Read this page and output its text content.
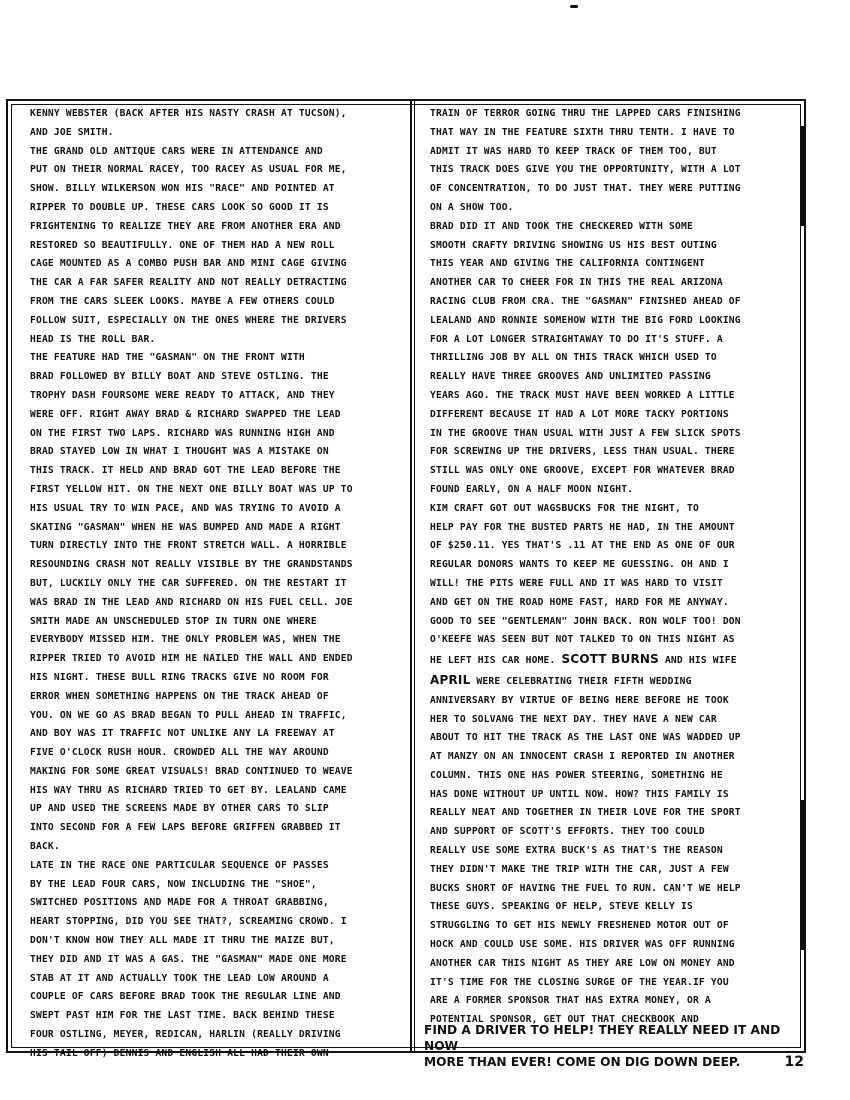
KENNY WEBSTER (BACK AFTER HIS NASTY CRASH AT TUCSON),

AND JOE SMITH.

THE GRAND OLD ANTIQUE CARS WERE IN ATTENDANCE AND

PUT ON THEIR NORMAL RACEY, TOO RACEY AS USUAL FOR ME,

SHOW. BILLY WILKERSON WON HIS "RACE" AND POINTED AT

RIPPER TO DOUBLE UP. THESE CARS LOOK SO GOOD IT IS

FRIGHTENING TO REALIZE THEY ARE FROM ANOTHER ERA AND

RESTORED SO BEAUTIFULLY. ONE OF THEM HAD A NEW ROLL

CAGE MOUNTED AS A COMBO PUSH BAR AND MINI CAGE GIVING

THE CAR A FAR SAFER REALITY AND NOT REALLY DETRACTING

FROM THE CARS SLEEK LOOKS. MAYBE A FEW OTHERS COULD

FOLLOW SUIT, ESPECIALLY ON THE ONES WHERE THE DRIVERS

HEAD IS THE ROLL BAR.

THE FEATURE HAD THE "GASMAN" ON THE FRONT WITH

BRAD FOLLOWED BY BILLY BOAT AND STEVE OSTLING. THE

TROPHY DASH FOURSOME WERE READY TO ATTACK, AND THEY

WERE OFF. RIGHT AWAY BRAD & RICHARD SWAPPED THE LEAD

ON THE FIRST TWO LAPS. RICHARD WAS RUNNING HIGH AND

BRAD STAYED LOW IN WHAT I THOUGHT WAS A MISTAKE ON

THIS TRACK. IT HELD AND BRAD GOT THE LEAD BEFORE THE

FIRST YELLOW HIT. ON THE NEXT ONE BILLY BOAT WAS UP TO

HIS USUAL TRY TO WIN PACE, AND WAS TRYING TO AVOID A

SKATING "GASMAN" WHEN HE WAS BUMPED AND MADE A RIGHT

TURN DIRECTLY INTO THE FRONT STRETCH WALL. A HORRIBLE

RESOUNDING CRASH NOT REALLY VISIBLE BY THE GRANDSTANDS

BUT, LUCKILY ONLY THE CAR SUFFERED. ON THE RESTART IT

WAS BRAD IN THE LEAD AND RICHARD ON HIS FUEL CELL. JOE

SMITH MADE AN UNSCHEDULED STOP IN TURN ONE WHERE

EVERYBODY MISSED HIM. THE ONLY PROBLEM WAS, WHEN THE

RIPPER TRIED TO AVOID HIM HE NAILED THE WALL AND ENDED

HIS NIGHT. THESE BULL RING TRACKS GIVE NO ROOM FOR

ERROR WHEN SOMETHING HAPPENS ON THE TRACK AHEAD OF

YOU. ON WE GO AS BRAD BEGAN TO PULL AHEAD IN TRAFFIC,

AND BOY WAS IT TRAFFIC NOT UNLIKE ANY LA FREEWAY AT

FIVE O'CLOCK RUSH HOUR. CROWDED ALL THE WAY AROUND

MAKING FOR SOME GREAT VISUALS! BRAD CONTINUED TO WEAVE

HIS WAY THRU AS RICHARD TRIED TO GET BY. LEALAND CAME

UP AND USED THE SCREENS MADE BY OTHER CARS TO SLIP

INTO SECOND FOR A FEW LAPS BEFORE GRIFFEN GRABBED IT

BACK.

LATE IN THE RACE ONE PARTICULAR SEQUENCE OF PASSES

BY THE LEAD FOUR CARS, NOW INCLUDING THE "SHOE",

SWITCHED POSITIONS AND MADE FOR A THROAT GRABBING,

HEART STOPPING, DID YOU SEE THAT?, SCREAMING CROWD. I

DON'T KNOW HOW THEY ALL MADE IT THRU THE MAIZE BUT,

THEY DID AND IT WAS A GAS. THE "GASMAN" MADE ONE MORE

STAB AT IT AND ACTUALLY TOOK THE LEAD LOW AROUND A

COUPLE OF CARS BEFORE BRAD TOOK THE REGULAR LINE AND

SWEPT PAST HIM FOR THE LAST TIME. BACK BEHIND THESE

FOUR OSTLING, MEYER, REDICAN, HARLIN (REALLY DRIVING

HIS TAIL OFF) DENNIS AND ENGLISH ALL HAD THEIR OWN

TRAIN OF TERROR GOING THRU THE LAPPED CARS FINISHING

THAT WAY IN THE FEATURE SIXTH THRU TENTH. I HAVE TO

ADMIT IT WAS HARD TO KEEP TRACK OF THEM TOO, BUT

THIS TRACK DOES GIVE YOU THE OPPORTUNITY, WITH A LOT

OF CONCENTRATION, TO DO JUST THAT. THEY WERE PUTTING

ON A SHOW TOO.

BRAD DID IT AND TOOK THE CHECKERED WITH SOME

SMOOTH CRAFTY DRIVING SHOWING US HIS BEST OUTING

THIS YEAR AND GIVING THE CALIFORNIA CONTINGENT

ANOTHER CAR TO CHEER FOR IN THIS THE REAL ARIZONA

RACING CLUB FROM CRA. THE "GASMAN" FINISHED AHEAD OF

LEALAND AND RONNIE SOMEHOW WITH THE BIG FORD LOOKING

FOR A LOT LONGER STRAIGHTAWAY TO DO IT'S STUFF. A

THRILLING JOB BY ALL ON THIS TRACK WHICH USED TO

REALLY HAVE THREE GROOVES AND UNLIMITED PASSING

YEARS AGO. THE TRACK MUST HAVE BEEN WORKED A LITTLE

DIFFERENT BECAUSE IT HAD A LOT MORE TACKY PORTIONS

IN THE GROOVE THAN USUAL WITH JUST A FEW SLICK SPOTS

FOR SCREWING UP THE DRIVERS, LESS THAN USUAL. THERE

STILL WAS ONLY ONE GROOVE, EXCEPT FOR WHATEVER BRAD

FOUND EARLY, ON A HALF MOON NIGHT.

KIM CRAFT GOT OUT WAGSBUCKS FOR THE NIGHT, TO

HELP PAY FOR THE BUSTED PARTS HE HAD, IN THE AMOUNT

OF $250.11. YES THAT'S .11 AT THE END AS ONE OF OUR

REGULAR DONORS WANTS TO KEEP ME GUESSING. OH AND I

WILL! THE PITS WERE FULL AND IT WAS HARD TO VISIT

AND GET ON THE ROAD HOME FAST, HARD FOR ME ANYWAY.

GOOD TO SEE "GENTLEMAN" JOHN BACK. RON WOLF TOO! DON

O'KEEFE WAS SEEN BUT NOT TALKED TO ON THIS NIGHT AS

HE LEFT HIS CAR HOME. SCOTT BURNS AND HIS WIFE

APRIL WERE CELEBRATING THEIR FIFTH WEDDING

ANNIVERSARY BY VIRTUE OF BEING HERE BEFORE HE TOOK

HER TO SOLVANG THE NEXT DAY. THEY HAVE A NEW CAR

ABOUT TO HIT THE TRACK AS THE LAST ONE WAS WADDED UP

AT MANZY ON AN INNOCENT CRASH I REPORTED IN ANOTHER

COLUMN. THIS ONE HAS POWER STEERING, SOMETHING HE

HAS DONE WITHOUT UP UNTIL NOW. HOW? THIS FAMILY IS

REALLY NEAT AND TOGETHER IN THEIR LOVE FOR THE SPORT

AND SUPPORT OF SCOTT'S EFFORTS. THEY TOO COULD

REALLY USE SOME EXTRA BUCK'S AS THAT'S THE REASON

THEY DIDN'T MAKE THE TRIP WITH THE CAR, JUST A FEW

BUCKS SHORT OF HAVING THE FUEL TO RUN. CAN'T WE HELP

THESE GUYS. SPEAKING OF HELP, STEVE KELLY IS

STRUGGLING TO GET HIS NEWLY FRESHENED MOTOR OUT OF

HOCK AND COULD USE SOME. HIS DRIVER WAS OFF RUNNING

ANOTHER CAR THIS NIGHT AS THEY ARE LOW ON MONEY AND

IT'S TIME FOR THE CLOSING SURGE OF THE YEAR.IF YOU

ARE A FORMER SPONSOR THAT HAS EXTRA MONEY, OR A

POTENTIAL SPONSOR, GET OUT THAT CHECKBOOK AND

FIND A DRIVER TO HELP! THEY REALLY NEED IT AND NOW
MORE THAN EVER! COME ON DIG DOWN DEEP.	12
